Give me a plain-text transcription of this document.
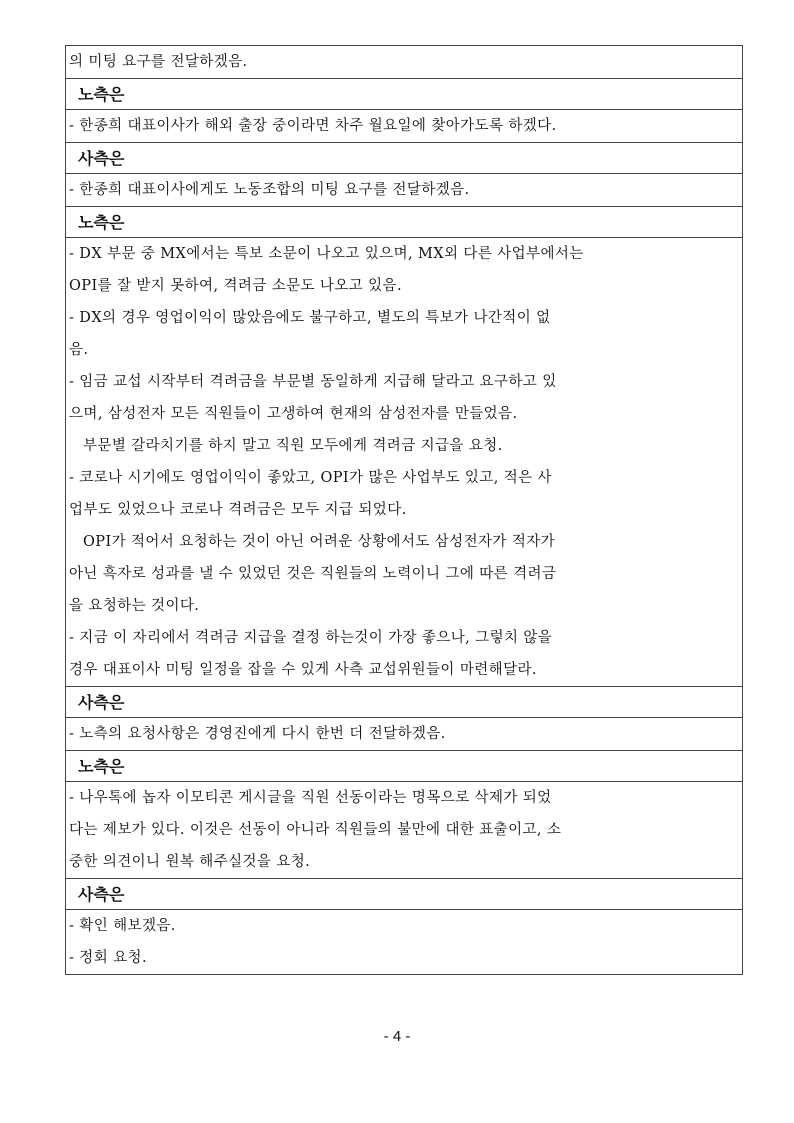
의 미팅 요구를 전달하겠음.
노측은
- 한종희 대표이사가 해외 출장 중이라면 차주 월요일에 찾아가도록 하겠다.
사측은
- 한종희 대표이사에게도 노동조합의 미팅 요구를 전달하겠음.
노측은
- DX 부문 중 MX에서는 특보 소문이 나오고 있으며, MX외 다른 사업부에서는
OPI를 잘 받지 못하여, 격려금 소문도 나오고 있음.
- DX의 경우 영업이익이 많았음에도 불구하고, 별도의 특보가 나간적이 없
음.
- 임금 교섭 시작부터 격려금을 부문별 동일하게 지급해 달라고 요구하고 있
으며, 삼성전자 모든 직원들이 고생하여 현재의 삼성전자를 만들었음.
부문별 갈라치기를 하지 말고 직원 모두에게 격려금 지급을 요청.
- 코로나 시기에도 영업이익이 좋았고, OPI가 많은 사업부도 있고, 적은 사
업부도 있었으나 코로나 격려금은 모두 지급 되었다.
OPI가 적어서 요청하는 것이 아닌 어려운 상황에서도 삼성전자가 적자가
아닌 흑자로 성과를 낼 수 있었던 것은 직원들의 노력이니 그에 따른 격려금
을 요청하는 것이다.
- 지금 이 자리에서 격려금 지급을 결정 하는것이 가장 좋으나, 그렇치 않을
경우 대표이사 미팅 일정을 잡을 수 있게 사측 교섭위원들이 마련해달라.
사측은
- 노측의 요청사항은 경영진에게 다시 한번 더 전달하겠음.
노측은
- 나우톡에 놉자 이모티콘 게시글을 직원 선동이라는 명목으로 삭제가 되었
다는 제보가 있다. 이것은 선동이 아니라 직원들의 불만에 대한 표출이고, 소
중한 의견이니 원복 해주실것을 요청.
사측은
- 확인 해보겠음.
- 정회 요청.
- 4 -
